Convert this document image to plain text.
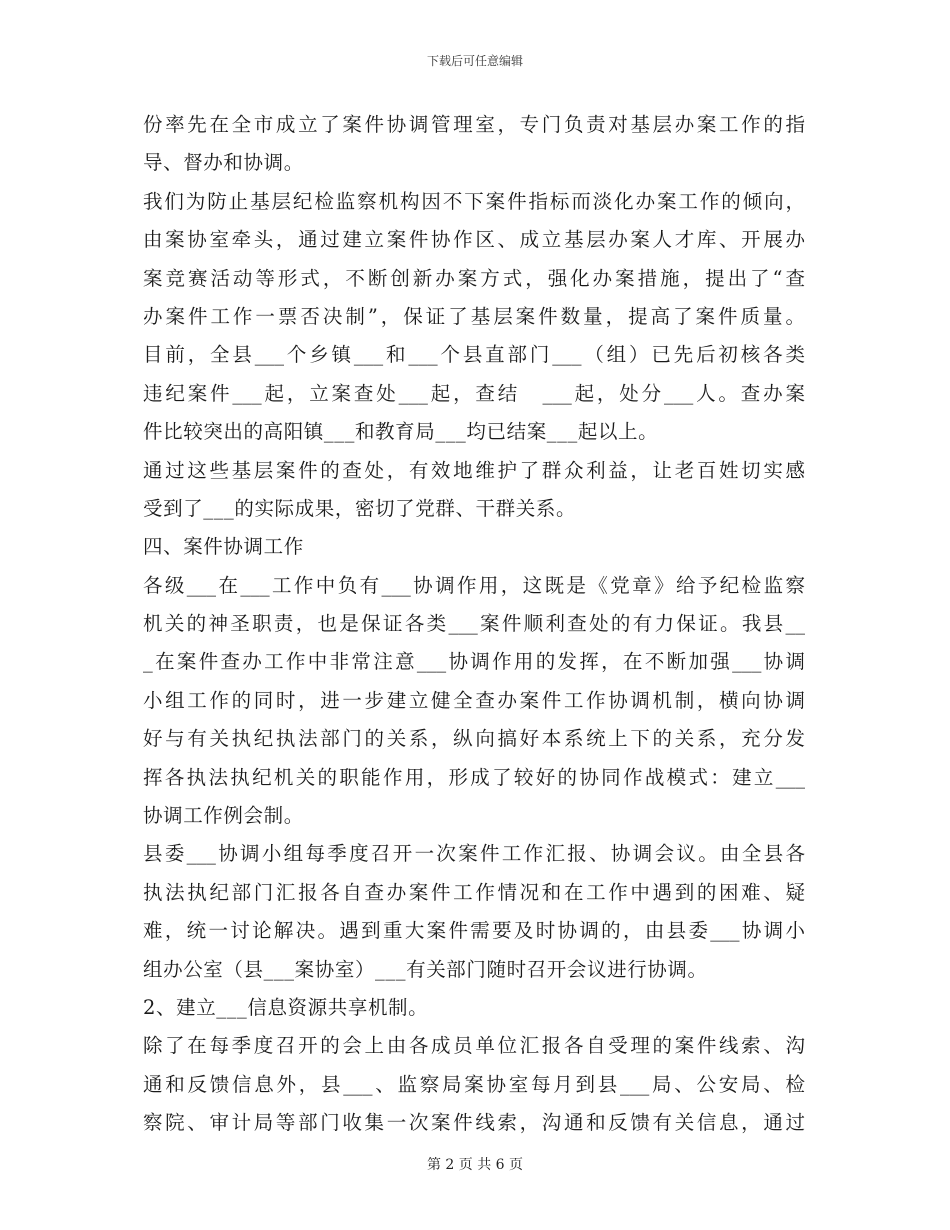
下载后可任意编辑
份率先在全市成立了案件协调管理室，专门负责对基层办案工作的指
导、督办和协调。
我们为防止基层纪检监察机构因不下案件指标而淡化办案工作的倾向，
由案协室牵头，通过建立案件协作区、成立基层办案人才库、开展办
案竞赛活动等形式，不断创新办案方式，强化办案措施，提出了“查
办案件工作一票否决制”，保证了基层案件数量，提高了案件质量。
目前，全县___个乡镇___和___个县直部门___（组）已先后初核各类
违纪案件___起，立案查处___起，查结　___起，处分___人。查办案
件比较突出的高阳镇___和教育局___均已结案___起以上。
通过这些基层案件的查处，有效地维护了群众利益，让老百姓切实感
受到了___的实际成果，密切了党群、干群关系。
四、案件协调工作
各级___在___工作中负有___协调作用，这既是《党章》给予纪检监察
机关的神圣职责，也是保证各类___案件顺利查处的有力保证。我县__
_在案件查办工作中非常注意___协调作用的发挥，在不断加强___协调
小组工作的同时，进一步建立健全查办案件工作协调机制，横向协调
好与有关执纪执法部门的关系，纵向搞好本系统上下的关系，充分发
挥各执法执纪机关的职能作用，形成了较好的协同作战模式：建立___
协调工作例会制。
县委___协调小组每季度召开一次案件工作汇报、协调会议。由全县各
执法执纪部门汇报各自查办案件工作情况和在工作中遇到的困难、疑
难，统一讨论解决。遇到重大案件需要及时协调的，由县委___协调小
组办公室（县___案协室）___有关部门随时召开会议进行协调。
2、建立___信息资源共享机制。
除了在每季度召开的会上由各成员单位汇报各自受理的案件线索、沟
通和反馈信息外，县___、监察局案协室每月到县___局、公安局、检
察院、审计局等部门收集一次案件线索，沟通和反馈有关信息，通过
第 2 页 共 6 页
